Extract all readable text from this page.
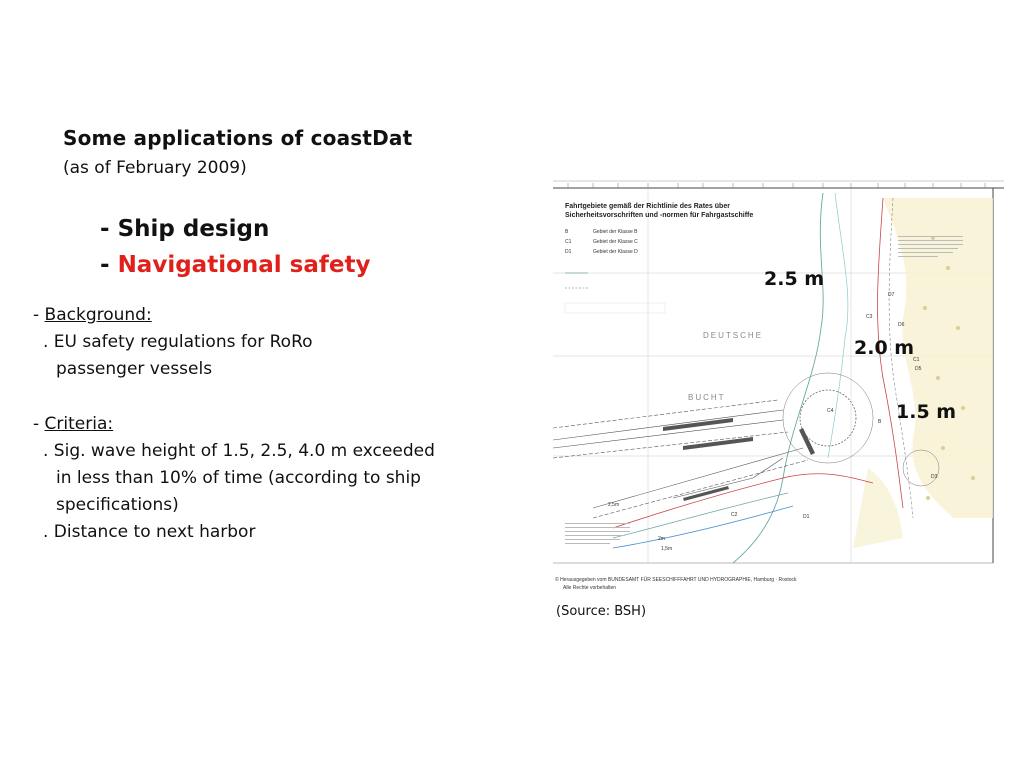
Some applications of coastDat
(as of February 2009)
- Ship design
- Navigational safety
- Background:
. EU safety regulations for RoRo
passenger vessels
- Criteria:
. Sig. wave height of 1.5, 2.5, 4.0 m exceeded
in less than 10% of time (according to ship
specifications)
. Distance to next harbor
DEUTSCHE
BUCHT
Fahrtgebiete gemäß der Richtlinie des Rates über
Sicherheitsvorschriften und -normen für Fahrgastschiffe
B	Gebiet der Klasse B
C1	Gebiet der Klasse C
D1	Gebiet der Klasse D
B
C1
C2
C3
C4
D1
D3
D5
D6
D7
2,5m
2m
1,5m
© Herausgegeben vom BUNDESAMT FÜR SEESCHIFFFAHRT UND HYDROGRAPHIE, Hamburg · Rostock
Alle Rechte vorbehalten
2.5 m
2.0 m
1.5 m
(Source: BSH)
